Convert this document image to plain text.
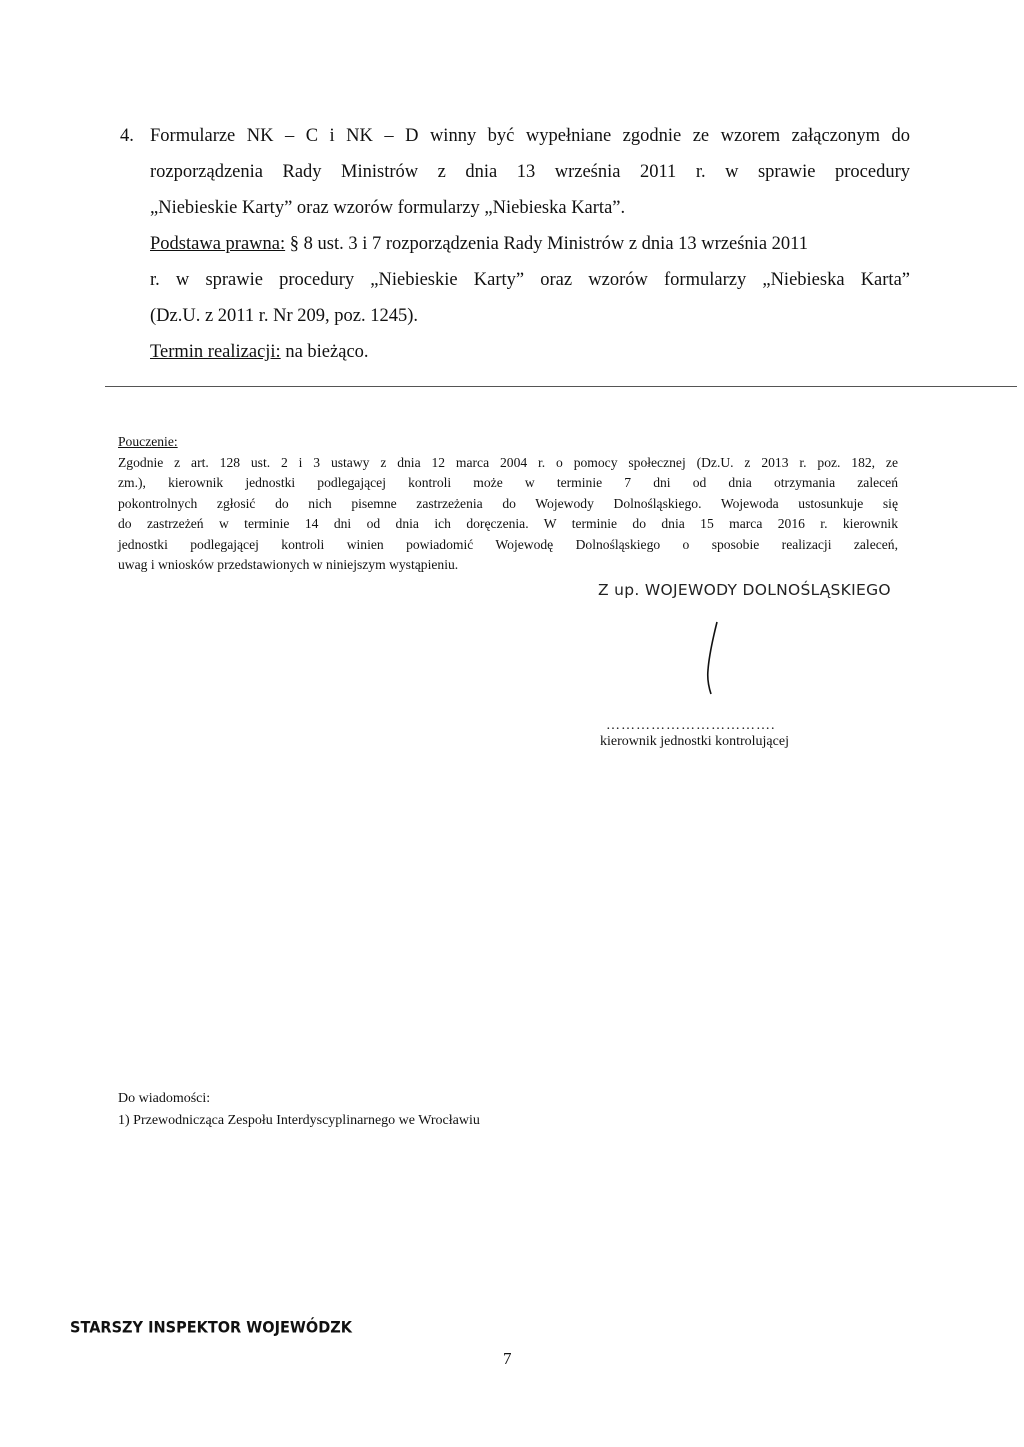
4. Formularze NK – C i NK – D winny być wypełniane zgodnie ze wzorem załączonym do
rozporządzenia Rady Ministrów z dnia 13 września 2011 r. w sprawie procedury
„Niebieskie Karty” oraz wzorów formularzy „Niebieska Karta”.
Podstawa prawna: § 8 ust. 3 i 7 rozporządzenia Rady Ministrów z dnia 13 września 2011
r. w sprawie procedury „Niebieskie Karty” oraz wzorów formularzy „Niebieska Karta”
(Dz.U. z 2011 r. Nr 209, poz. 1245).
Termin realizacji: na bieżąco.
Pouczenie:
Zgodnie z art. 128 ust. 2 i 3 ustawy z dnia 12 marca 2004 r. o pomocy społecznej (Dz.U. z 2013 r. poz. 182, ze
zm.), kierownik jednostki podlegającej kontroli może w terminie 7 dni od dnia otrzymania zaleceń
pokontrolnych zgłosić do nich pisemne zastrzeżenia do Wojewody Dolnośląskiego. Wojewoda ustosunkuje się
do zastrzeżeń w terminie 14 dni od dnia ich doręczenia. W terminie do dnia 15 marca 2016 r. kierownik
jednostki podlegającej kontroli winien powiadomić Wojewodę Dolnośląskiego o sposobie realizacji zaleceń,
uwag i wniosków przedstawionych w niniejszym wystąpieniu.
Z up. WOJEWODY DOLNOŚLĄSKIEGO
…………………………….
kierownik jednostki kontrolującej
Do wiadomości:
1) Przewodnicząca Zespołu Interdyscyplinarnego we Wrocławiu
STARSZY INSPEKTOR WOJEWÓDZK
7
